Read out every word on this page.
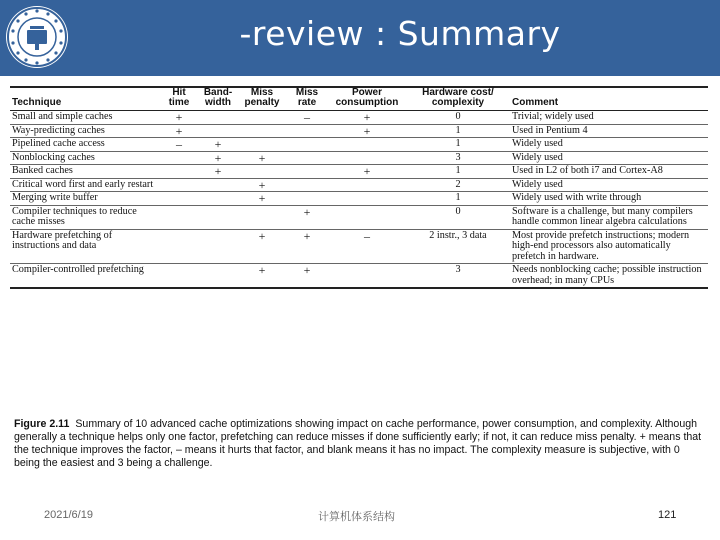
-review : Summary
Technique	Hit time	Band- width	Miss penalty	Miss rate	Power consumption	Hardware cost/ complexity	Comment
Small and simple caches	+			–	+	0	Trivial; widely used
Way-predicting caches	+				+	1	Used in Pentium 4
Pipelined cache access	–	+				1	Widely used
Nonblocking caches		+	+			3	Widely used
Banked caches		+			+	1	Used in L2 of both i7 and Cortex-A8
Critical word first and early restart			+			2	Widely used
Merging write buffer			+			1	Widely used with write through
Compiler techniques to reduce cache misses				+		0	Software is a challenge, but many compilers handle common linear algebra calculations
Hardware prefetching of instructions and data			+	+	–	2 instr., 3 data	Most provide prefetch instructions; modern high-end processors also automatically prefetch in hardware.
Compiler-controlled prefetching			+	+		3	Needs nonblocking cache; possible instruction overhead; in many CPUs
Figure 2.11 Summary of 10 advanced cache optimizations showing impact on cache performance, power consumption, and complexity. Although generally a technique helps only one factor, prefetching can reduce misses if done sufficiently early; if not, it can reduce miss penalty. + means that the technique improves the factor, – means it hurts that factor, and blank means it has no impact. The complexity measure is subjective, with 0 being the easiest and 3 being a challenge.
2021/6/19	计算机体系结构	121
